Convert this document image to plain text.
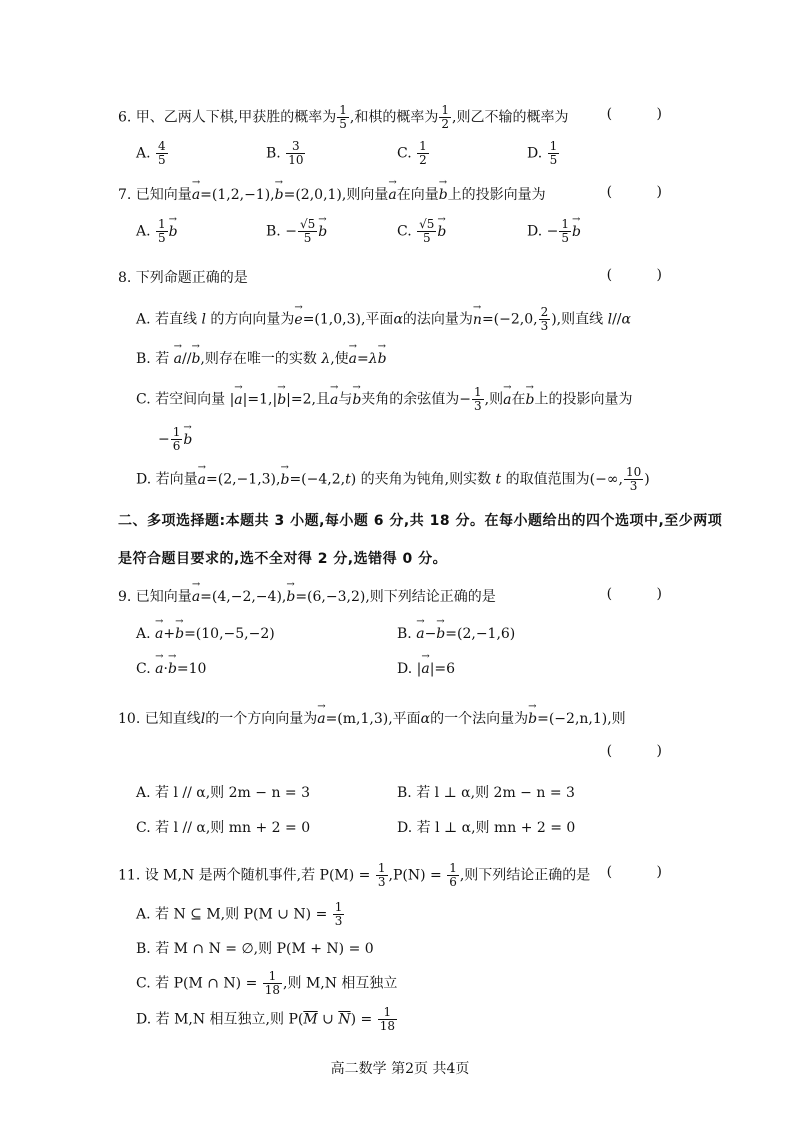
6. 甲、乙两人下棋,甲获胜的概率为 $\frac{1}{5}$ ,和棋的概率为 $\frac{1}{2}$ ,则乙不输的概率为	( )
A. $\frac{4}{5}$	B. $\frac{3}{10}$	C. $\frac{1}{2}$	D. $\frac{1}{5}$
7. 已知向量→ a=(1,2,−1),→ b=(2,0,1),则向量→ a在向量→ b上的投影向量为	( )
A. $\frac{1}{5} \to b$	B. − $\frac{√5}{5} \to b$	C. $\frac{√5}{5} \to b$	D. − $\frac{1}{5} \to b$
8. 下列命题正确的是	( )
A. 若直线 l 的方向向量为→ e=(1,0,3),平面α的法向量为→ n=(−2,0, $\frac{2}{3}$ ),则直线 l//α
B. 若 → a//→ b,则存在唯一的实数 λ,使→ a=λ→ b
C. 若空间向量 |→ a|=1,|→ b|=2,且→ a与→ b夹角的余弦值为− $\frac{1}{3}$ ,则→ a在→ b上的投影向量为
− $\frac{1}{6} \to b$
D. 若向量→ a=(2,−1,3),→ b=(−4,2,t) 的夹角为钝角,则实数 t 的取值范围为(−∞, $\frac{10}{3}$ )
二、多项选择题:本题共 3 小题,每小题 6 分,共 18 分。在每小题给出的四个选项中,至少两项
是符合题目要求的,选不全对得 2 分,选错得 0 分。
9. 已知向量→ a=(4,−2,−4),→ b=(6,−3,2),则下列结论正确的是	( )
A. → a+→ b=(10,−5,−2)	B. → a−→ b=(2,−1,6)
C. → a·→ b=10	D. |→ a|=6
10. 已知直线l的一个方向向量为→ a=(m,1,3),平面α的一个法向量为→ b=(−2,n,1),则
( )
A. 若 l // α,则 2m − n = 3	B. 若 l ⊥ α,则 2m − n = 3
C. 若 l // α,则 mn + 2 = 0	D. 若 l ⊥ α,则 mn + 2 = 0
11. 设 M,N 是两个随机事件,若 $P(M) = \frac{1}{3} ,P(N) = \frac{1}{6}$ ,则下列结论正确的是 ( )
A. 若 N ⊆ M,则 P(M ∪ $N) = \frac{1}{3}$
B. 若 M ∩ N = ∅,则 P(M + N) = 0
C. 若 P(M ∩ $N) = \frac{1}{18}$ ,则 M,N 相互独立
D. 若 M,N 相互独立,则 $P(\overline{M}$ ∪ $\overline{N}) = \frac{1}{18}$
高二数学 第2页 共4页
